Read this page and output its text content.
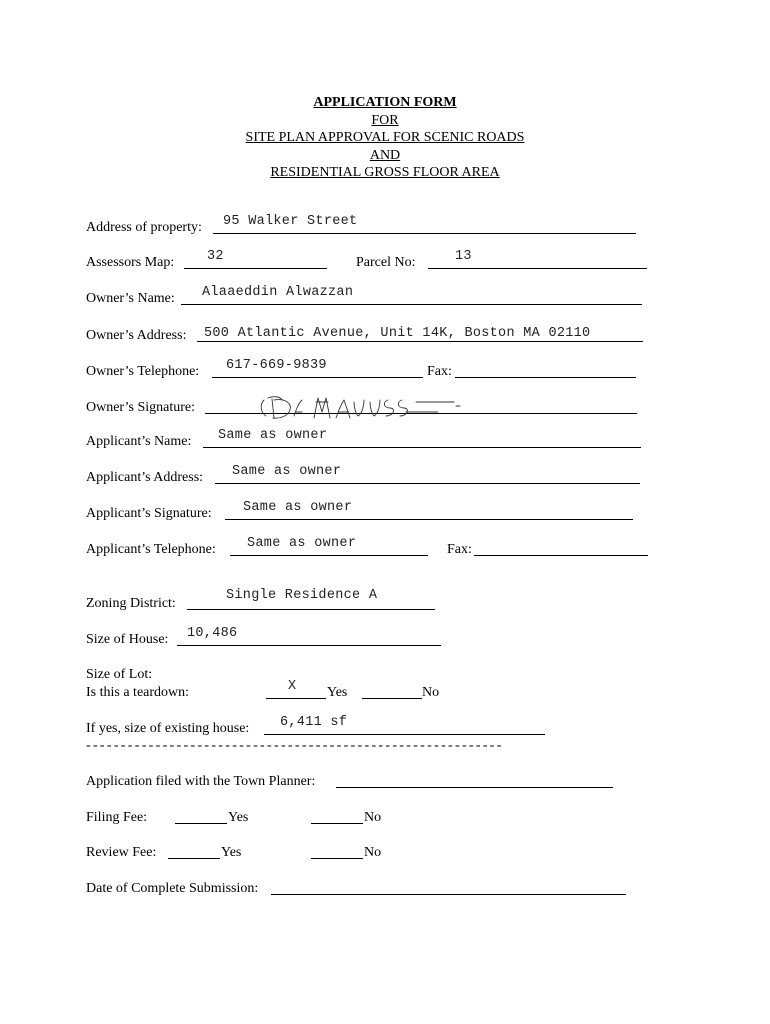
APPLICATION FORM
FOR
SITE PLAN APPROVAL FOR SCENIC ROADS
AND
RESIDENTIAL GROSS FLOOR AREA
Address of property: 95 Walker Street
Assessors Map: 32	Parcel No:	13
Owner’s Name: Alaaeddin Alwazzan
Owner’s Address: 500 Atlantic Avenue, Unit 14K, Boston MA 02110
Owner’s Telephone: 617-669-9839	Fax:
Owner’s Signature:
Applicant’s Name: Same as owner
Applicant’s Address: Same as owner
Applicant’s Signature: Same as owner
Applicant’s Telephone: Same as owner	Fax:
Zoning District:
Single Residence A
Size of House: 10,486
Size of Lot:
Is this a teardown:	X Yes	No
If yes, size of existing house: 6,411 sf
------------------------------------------------------------
Application filed with the Town Planner:
Filing Fee:	Yes	No
Review Fee:	Yes	No
Date of Complete Submission:
